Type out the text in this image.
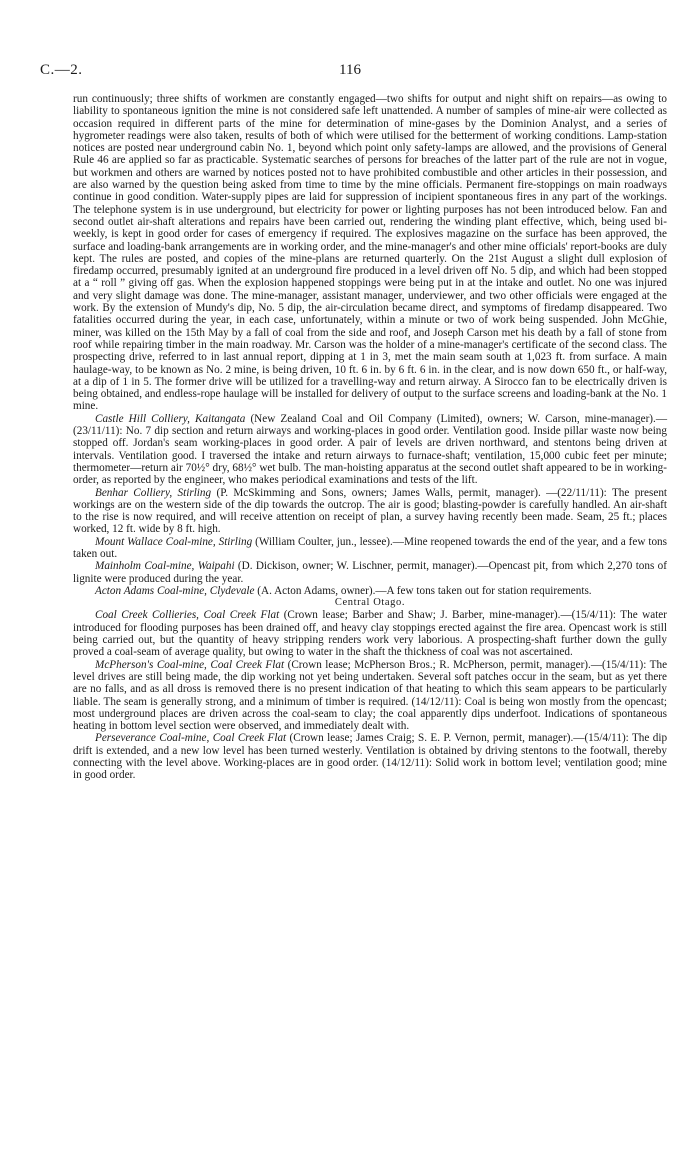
C.—2.	116

run continuously; three shifts of workmen are constantly engaged—two shifts for output and night shift on repairs—as owing to liability to spontaneous ignition the mine is not considered safe left unattended. A number of samples of mine-air were collected as occasion required in different parts of the mine for determination of mine-gases by the Dominion Analyst, and a series of hygrometer readings were also taken, results of both of which were utilised for the betterment of working conditions. Lamp-station notices are posted near underground cabin No. 1, beyond which point only safety-lamps are allowed, and the provisions of General Rule 46 are applied so far as practicable. Systematic searches of persons for breaches of the latter part of the rule are not in vogue, but workmen and others are warned by notices posted not to have prohibited combustible and other articles in their possession, and are also warned by the question being asked from time to time by the mine officials. Permanent fire-stoppings on main roadways continue in good condition. Water-supply pipes are laid for suppression of incipient spontaneous fires in any part of the workings. The telephone system is in use underground, but electricity for power or lighting purposes has not been introduced below. Fan and second outlet air-shaft alterations and repairs have been carried out, rendering the winding plant effective, which, being used bi-weekly, is kept in good order for cases of emergency if required. The explosives magazine on the surface has been approved, the surface and loading-bank arrangements are in working order, and the mine-manager's and other mine officials' report-books are duly kept. The rules are posted, and copies of the mine-plans are returned quarterly. On the 21st August a slight dull explosion of firedamp occurred, presumably ignited at an underground fire produced in a level driven off No. 5 dip, and which had been stopped at a “ roll ” giving off gas. When the explosion happened stoppings were being put in at the intake and outlet. No one was injured and very slight damage was done. The mine-manager, assistant manager, underviewer, and two other officials were engaged at the work. By the extension of Mundy's dip, No. 5 dip, the air-circulation became direct, and symptoms of firedamp disappeared. Two fatalities occurred during the year, in each case, unfortunately, within a minute or two of work being suspended. John McGhie, miner, was killed on the 15th May by a fall of coal from the side and roof, and Joseph Carson met his death by a fall of stone from roof while repairing timber in the main roadway. Mr. Carson was the holder of a mine-manager's certificate of the second class. The prospecting drive, referred to in last annual report, dipping at 1 in 3, met the main seam south at 1,023 ft. from surface. A main haulage-way, to be known as No. 2 mine, is being driven, 10 ft. 6 in. by 6 ft. 6 in. in the clear, and is now down 650 ft., or half-way, at a dip of 1 in 5. The former drive will be utilized for a travelling-way and return airway. A Sirocco fan to be electrically driven is being obtained, and endless-rope haulage will be installed for delivery of output to the surface screens and loading-bank at the No. 1 mine.

Castle Hill Colliery, Kaitangata (New Zealand Coal and Oil Company (Limited), owners; W. Carson, mine-manager).—(23/11/11): No. 7 dip section and return airways and working-places in good order. Ventilation good. Inside pillar waste now being stopped off. Jordan's seam working-places in good order. A pair of levels are driven northward, and stentons being driven at intervals. Ventilation good. I traversed the intake and return airways to furnace-shaft; ventilation, 15,000 cubic feet per minute; thermometer—return air 70½° dry, 68½° wet bulb. The man-hoisting apparatus at the second outlet shaft appeared to be in working-order, as reported by the engineer, who makes periodical examinations and tests of the lift.

Benhar Colliery, Stirling (P. McSkimming and Sons, owners; James Walls, permit, manager). —(22/11/11): The present workings are on the western side of the dip towards the outcrop. The air is good; blasting-powder is carefully handled. An air-shaft to the rise is now required, and will receive attention on receipt of plan, a survey having recently been made. Seam, 25 ft.; places worked, 12 ft. wide by 8 ft. high.

Mount Wallace Coal-mine, Stirling (William Coulter, jun., lessee).—Mine reopened towards the end of the year, and a few tons taken out.

Mainholm Coal-mine, Waipahi (D. Dickison, owner; W. Lischner, permit, manager).—Opencast pit, from which 2,270 tons of lignite were produced during the year.

Acton Adams Coal-mine, Clydevale (A. Acton Adams, owner).—A few tons taken out for station requirements.

Central Otago.

Coal Creek Collieries, Coal Creek Flat (Crown lease; Barber and Shaw; J. Barber, mine-manager).—(15/4/11): The water introduced for flooding purposes has been drained off, and heavy clay stoppings erected against the fire area. Opencast work is still being carried out, but the quantity of heavy stripping renders work very laborious. A prospecting-shaft further down the gully proved a coal-seam of average quality, but owing to water in the shaft the thickness of coal was not ascertained.

McPherson's Coal-mine, Coal Creek Flat (Crown lease; McPherson Bros.; R. McPherson, permit, manager).—(15/4/11): The level drives are still being made, the dip working not yet being undertaken. Several soft patches occur in the seam, but as yet there are no falls, and as all dross is removed there is no present indication of that heating to which this seam appears to be particularly liable. The seam is generally strong, and a minimum of timber is required. (14/12/11): Coal is being won mostly from the opencast; most underground places are driven across the coal-seam to clay; the coal apparently dips underfoot. Indications of spontaneous heating in bottom level section were observed, and immediately dealt with.

Perseverance Coal-mine, Coal Creek Flat (Crown lease; James Craig; S. E. P. Vernon, permit, manager).—(15/4/11): The dip drift is extended, and a new low level has been turned westerly. Ventilation is obtained by driving stentons to the footwall, thereby connecting with the level above. Working-places are in good order. (14/12/11): Solid work in bottom level; ventilation good; mine in good order.
